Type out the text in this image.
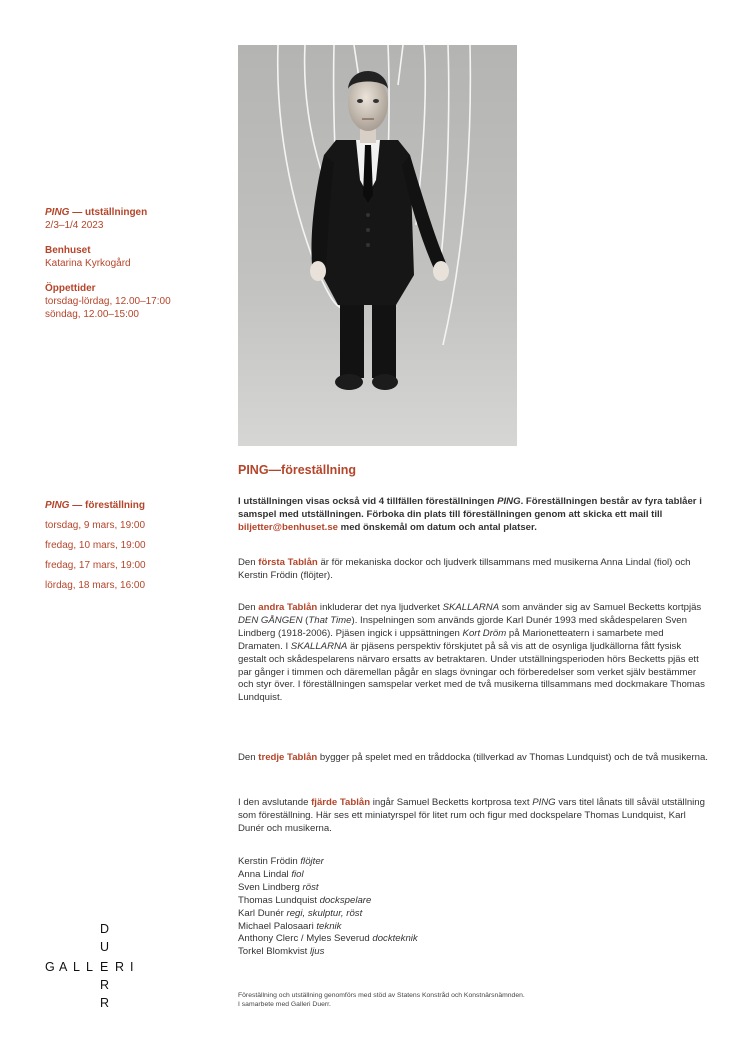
PING — utställningen
2/3–1/4 2023
Benhuset
Katarina Kyrkogård
Öppettider
torsdag-lördag, 12.00–17:00
söndag, 12.00–15:00
PING—föreställning
PING — föreställning
torsdag, 9 mars, 19:00
fredag, 10 mars, 19:00
fredag, 17 mars, 19:00
lördag, 18 mars, 16:00

I utställningen visas också vid 4 tillfällen föreställningen PING. Föreställningen består av fyra tablåer i samspel med utställningen. Förboka din plats till föreställningen genom att skicka ett mail till biljetter@benhuset.se med önskemål om datum och antal platser.

Den första Tablån är för mekaniska dockor och ljudverk tillsammans med musikerna Anna Lindal (fiol) och Kerstin Frödin (flöjter).

Den andra Tablån inkluderar det nya ljudverket SKALLARNA som använder sig av Samuel Becketts kortpjäs DEN GÅNGEN (That Time). Inspelningen som används gjorde Karl Dunér 1993 med skådespelaren Sven Lindberg (1918-2006). Pjäsen ingick i uppsättningen Kort Dröm på Marionetteatern i samarbete med Dramaten. I SKALLARNA är pjäsens perspektiv förskjutet på så vis att de osynliga ljudkällorna fått fysisk gestalt och skådespelarens närvaro ersatts av betraktaren. Under utställningsperioden hörs Becketts pjäs ett par gånger i timmen och däremellan pågår en slags övningar och förberedelser som verket själv bestämmer och styr över. I föreställningen samspelar verket med de två musikerna tillsammans med dockmakare Thomas Lundquist.

Den tredje Tablån bygger på spelet med en tråddocka (tillverkad av Thomas Lundquist) och de två musikerna.

I den avslutande fjärde Tablån ingår Samuel Becketts kortprosa text PING vars titel lånats till såväl utställning som föreställning. Här ses ett miniatyrspel för litet rum och figur med dockspelare Thomas Lundquist, Karl Dunér och musikerna.

Kerstin Frödin flöjter

Anna Lindal fiol

Sven Lindberg röst

Thomas Lundquist dockspelare

Karl Dunér regi, skulptur, röst

Michael Palosaari teknik

Anthony Clerc / Myles Severud dockteknik

Torkel Blomkvist ljus

Föreställning och utställning genomförs med stöd av Statens Konstråd och Konstnärsnämnden.
I samarbete med Galleri Duerr.
D
U
G A L L E R I
R
R
